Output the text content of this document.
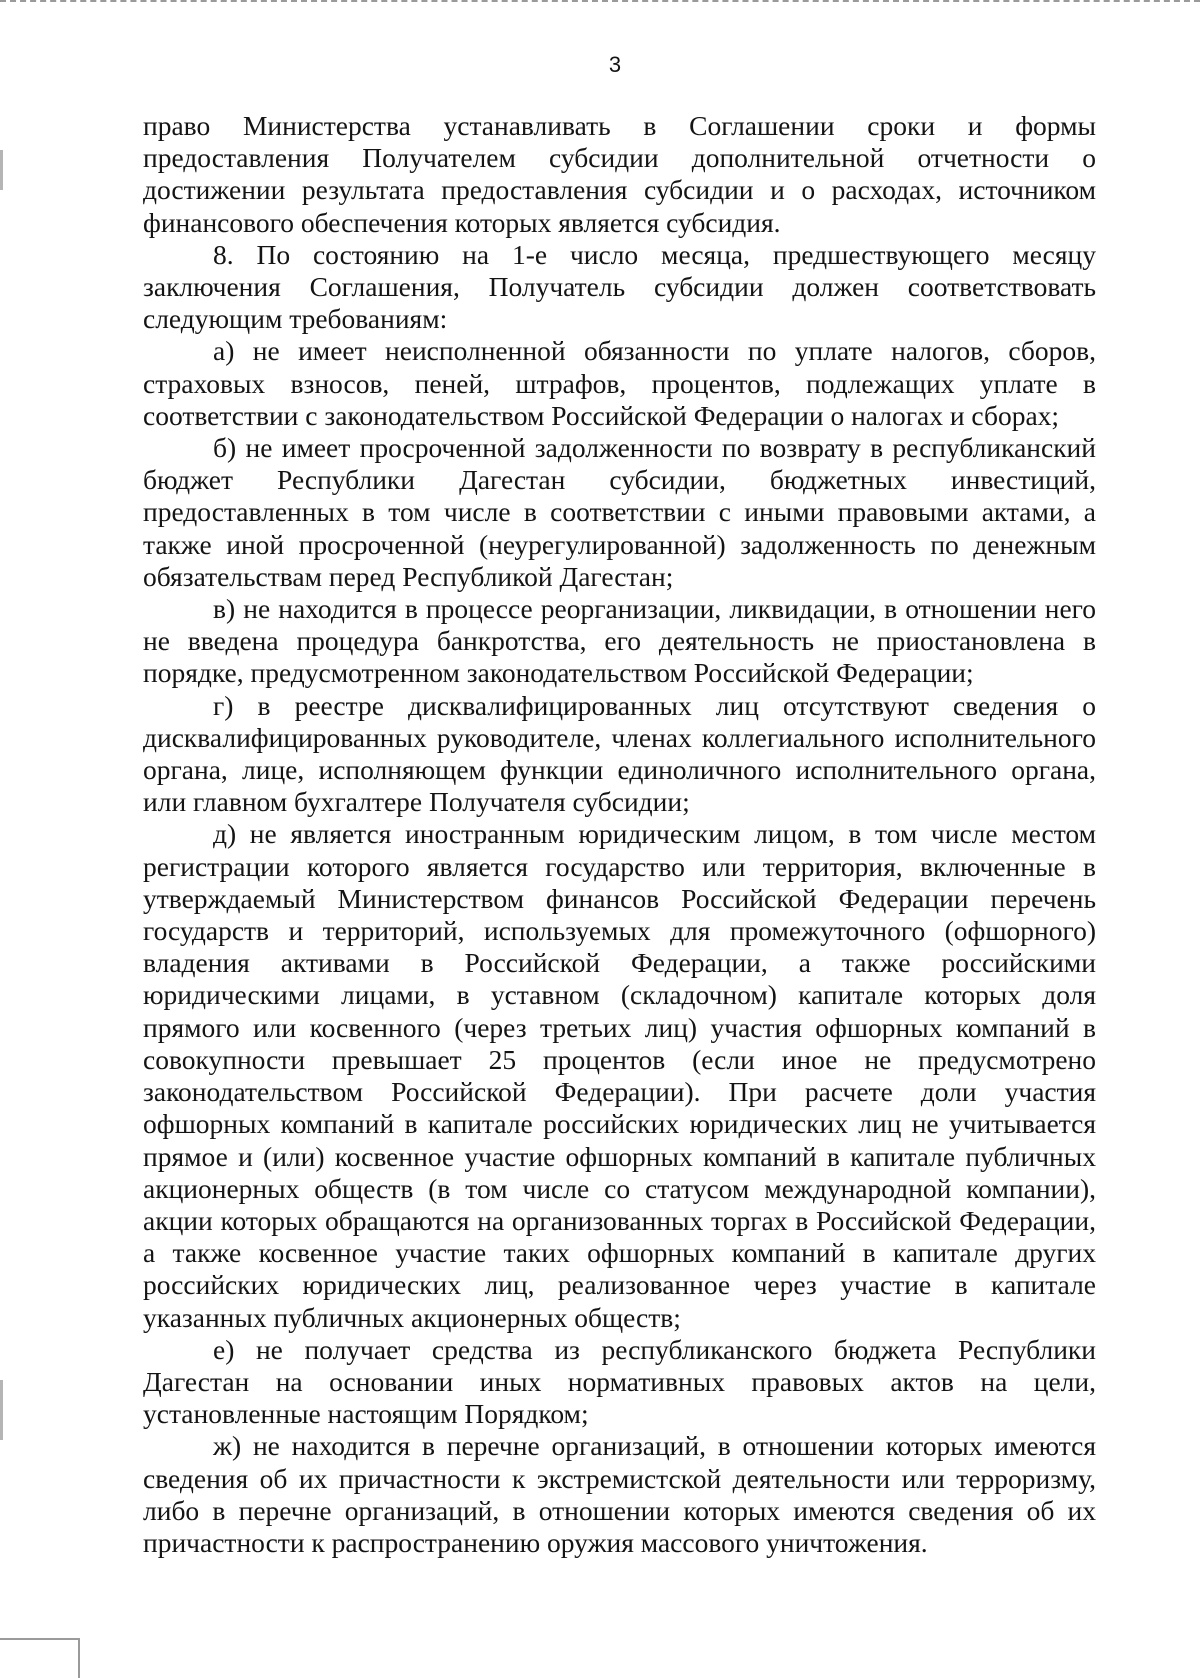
3

право Министерства устанавливать в Соглашении сроки и формы предоставления Получателем субсидии дополнительной отчетности о достижении результата предоставления субсидии и о расходах, источником финансового обеспечения которых является субсидия.

8. По состоянию на 1-е число месяца, предшествующего месяцу заключения Соглашения, Получатель субсидии должен соответствовать следующим требованиям:

а) не имеет неисполненной обязанности по уплате налогов, сборов, страховых взносов, пеней, штрафов, процентов, подлежащих уплате в соответствии с законодательством Российской Федерации о налогах и сборах;

б) не имеет просроченной задолженности по возврату в республиканский бюджет Республики Дагестан субсидии, бюджетных инвестиций, предоставленных в том числе в соответствии с иными правовыми актами, а также иной просроченной (неурегулированной) задолженность по денежным обязательствам перед Республикой Дагестан;

в) не находится в процессе реорганизации, ликвидации, в отношении него не введена процедура банкротства, его деятельность не приостановлена в порядке, предусмотренном законодательством Российской Федерации;

г) в реестре дисквалифицированных лиц отсутствуют сведения о дисквалифицированных руководителе, членах коллегиального исполнительного органа, лице, исполняющем функции единоличного исполнительного органа, или главном бухгалтере Получателя субсидии;

д) не является иностранным юридическим лицом, в том числе местом регистрации которого является государство или территория, включенные в утверждаемый Министерством финансов Российской Федерации перечень государств и территорий, используемых для промежуточного (офшорного) владения активами в Российской Федерации, а также российскими юридическими лицами, в уставном (складочном) капитале которых доля прямого или косвенного (через третьих лиц) участия офшорных компаний в совокупности превышает 25 процентов (если иное не предусмотрено законодательством Российской Федерации). При расчете доли участия офшорных компаний в капитале российских юридических лиц не учитывается прямое и (или) косвенное участие офшорных компаний в капитале публичных акционерных обществ (в том числе со статусом международной компании), акции которых обращаются на организованных торгах в Российской Федерации, а также косвенное участие таких офшорных компаний в капитале других российских юридических лиц, реализованное через участие в капитале указанных публичных акционерных обществ;

е) не получает средства из республиканского бюджета Республики Дагестан на основании иных нормативных правовых актов на цели, установленные настоящим Порядком;

ж) не находится в перечне организаций, в отношении которых имеются сведения об их причастности к экстремистской деятельности или терроризму, либо в перечне организаций, в отношении которых имеются сведения об их причастности к распространению оружия массового уничтожения.
